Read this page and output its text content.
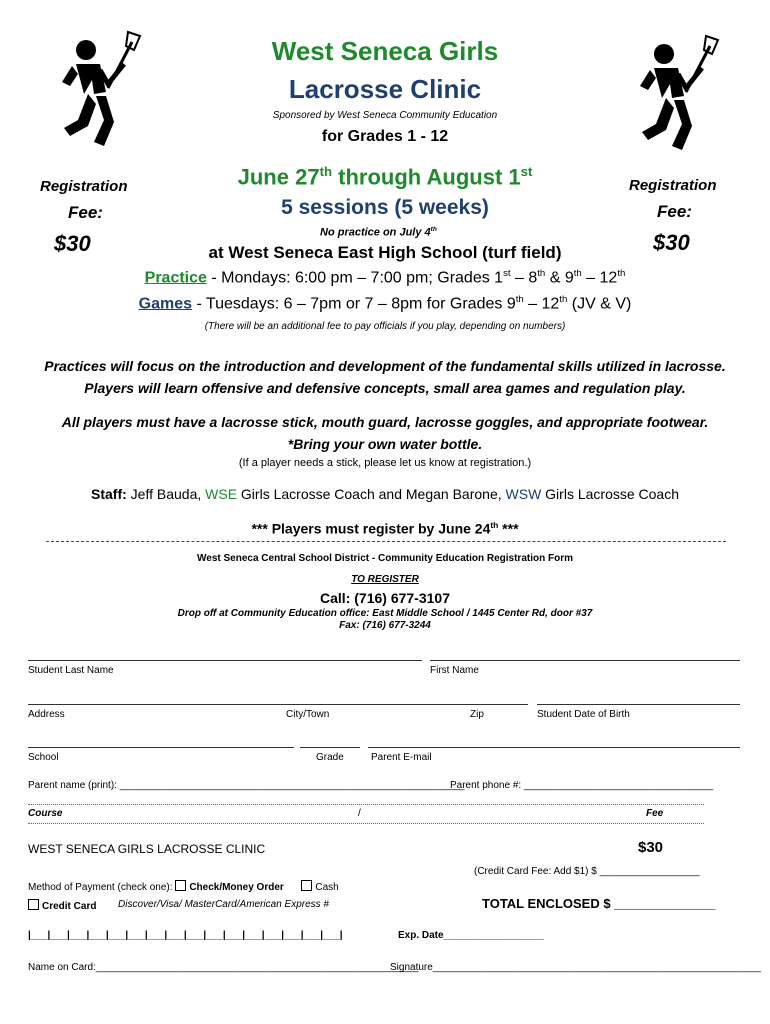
West Seneca Girls
Lacrosse Clinic
Sponsored by West Seneca Community Education
for Grades 1 - 12
Registration
Fee:
$30
Registration
Fee:
$30
June 27th through August 1st
5 sessions (5 weeks)
No practice on July 4th
at West Seneca East High School (turf field)
Practice - Mondays: 6:00 pm – 7:00 pm; Grades 1st – 8th & 9th – 12th
Games - Tuesdays: 6 – 7pm or 7 – 8pm for Grades 9th – 12th (JV & V)
(There will be an additional fee to pay officials if you play, depending on numbers)
Practices will focus on the introduction and development of the fundamental skills utilized in lacrosse.
Players will learn offensive and defensive concepts, small area games and regulation play.
All players must have a lacrosse stick, mouth guard, lacrosse goggles, and appropriate footwear.
*Bring your own water bottle.
(If a player needs a stick, please let us know at registration.)
Staff: Jeff Bauda, WSE Girls Lacrosse Coach and Megan Barone, WSW Girls Lacrosse Coach
*** Players must register by June 24th ***
West Seneca Central School District - Community Education Registration Form
TO REGISTER
Call: (716) 677-3107
Drop off at Community Education office: East Middle School / 1445 Center Rd, door #37
Fax: (716) 677-3244
Student Last Name	First Name
Address	City/Town	Zip	Student Date of Birth
School	Grade	Parent E-mail
Parent name (print): ______________________________________________________________
Parent phone #: __________________________________
Course	/	Fee
WEST SENECA GIRLS LACROSSE CLINIC	$30
(Credit Card Fee: Add $1) $ __________________
Method of Payment (check one): Check/Money Order	Cash
Credit Card Discover/Visa/ MasterCard/American Express #	TOTAL ENCLOSED $ ______________
|___|___|___|___|___|___|___|___|___|___|___|___|___|___|___|___|	Exp. Date__________________
Name on Card:__________________________________________________________
Signature___________________________________________________________
